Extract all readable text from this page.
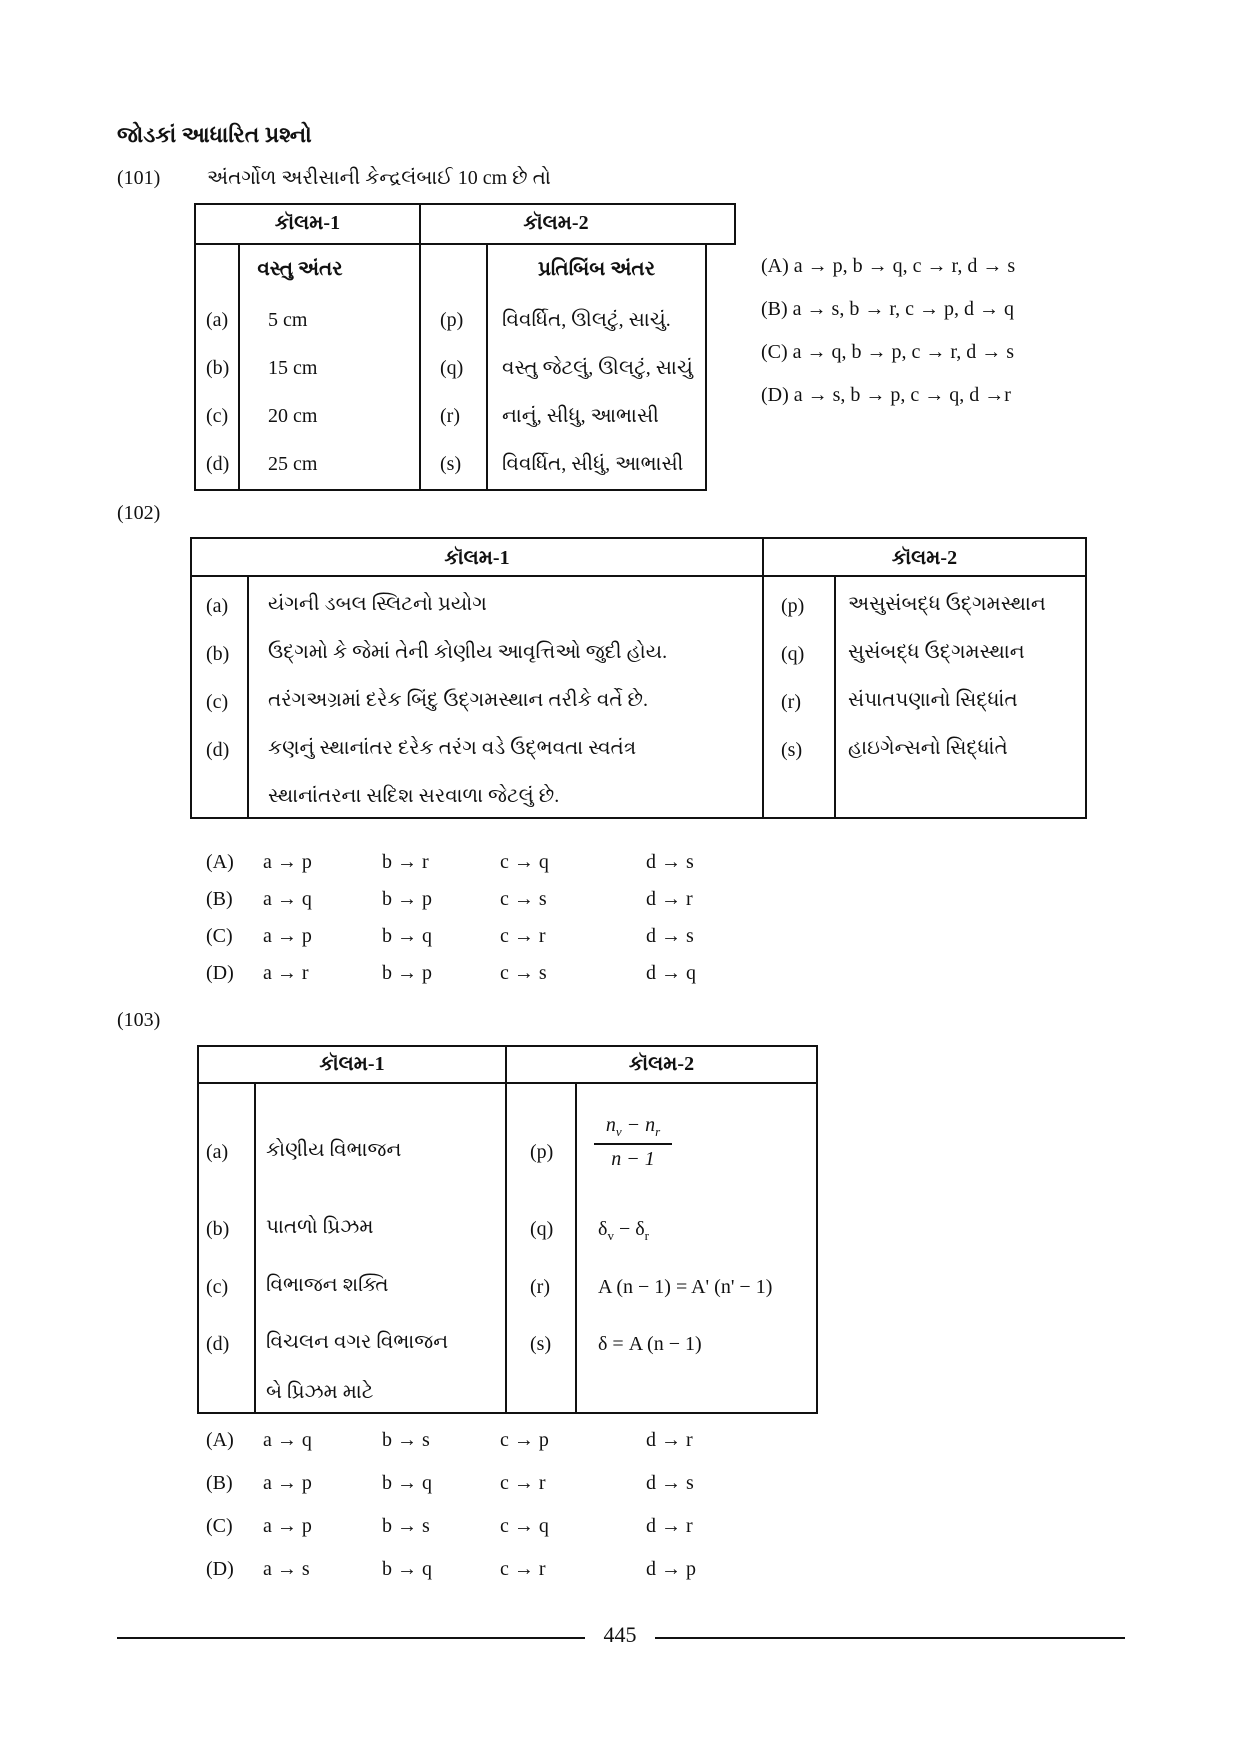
જોડકાં આધારિત પ્રશ્નો
(101) અંતર્ગોળ અરીસાની કેન્દ્રલંબાઈ 10 cm છે તો
કૉલમ-1	કૉલમ-2
વસ્તુ અંતર	પ્રતિબિંબ અંતર
(a) 5 cm	(p) વિવર્ધિત, ઊલટું, સાચું.
(b) 15 cm	(q) વસ્તુ જેટલું, ઊલટું, સાચું
(c) 20 cm	(r) નાનું, સીધુ, આભાસી
(d) 25 cm	(s) વિવર્ધિત, સીધું, આભાસી
(A) a → p, b → q, c → r, d → s
(B) a → s, b → r, c → p, d → q
(C) a → q, b → p, c → r, d → s
(D) a → s, b → p, c → q, d →r
(102)
કૉલમ-1	કૉલમ-2
(a) યંગની ડબલ સ્લિટનો પ્રયોગ	(p) અસુસંબદ્ધ ઉદ્‌ગમસ્થાન
(b) ઉદ્‌ગમો કે જેમાં તેની કોણીય આવૃત્તિઓ જુદી હોય.	(q) સુસંબદ્ધ ઉદ્‌ગમસ્થાન
(c) તરંગઅગ્રમાં દરેક બિંદુ ઉદ્‌ગમસ્થાન તરીકે વર્તે છે.	(r) સંપાતપણાનો સિદ્ધાંત
(d) કણનું સ્થાનાંતર દરેક તરંગ વડે ઉદ્‌ભવતા સ્વતંત્ર	(s) હાઇગેન્સનો સિદ્ધાંતે
સ્થાનાંતરના સદિશ સરવાળા જેટલું છે.
(A) a → p	b → r	c → q	d → s
(B) a → q	b → p	c → s	d → r
(C) a → p	b → q	c → r	d → s
(D) a → r	b → p	c → s	d → q
(103)
કૉલમ-1	કૉલમ-2
(a) કોણીય વિભાજન	(p)
$n_v - n_r$
n − 1
(b) પાતળો પ્રિઝમ	(q) $\delta_v - \delta_r$
(c) વિભાજન શક્તિ	(r) A (n − 1) = A' (n' − 1)
(d) વિચલન વગર વિભાજન	(s) δ = A (n − 1)
બે પ્રિઝમ માટે
(A) a → q	b → s	c → p	d → r
(B) a → p	b → q	c → r	d → s
(C) a → p	b → s	c → q	d → r
(D) a → s	b → q	c → r	d → p
445
